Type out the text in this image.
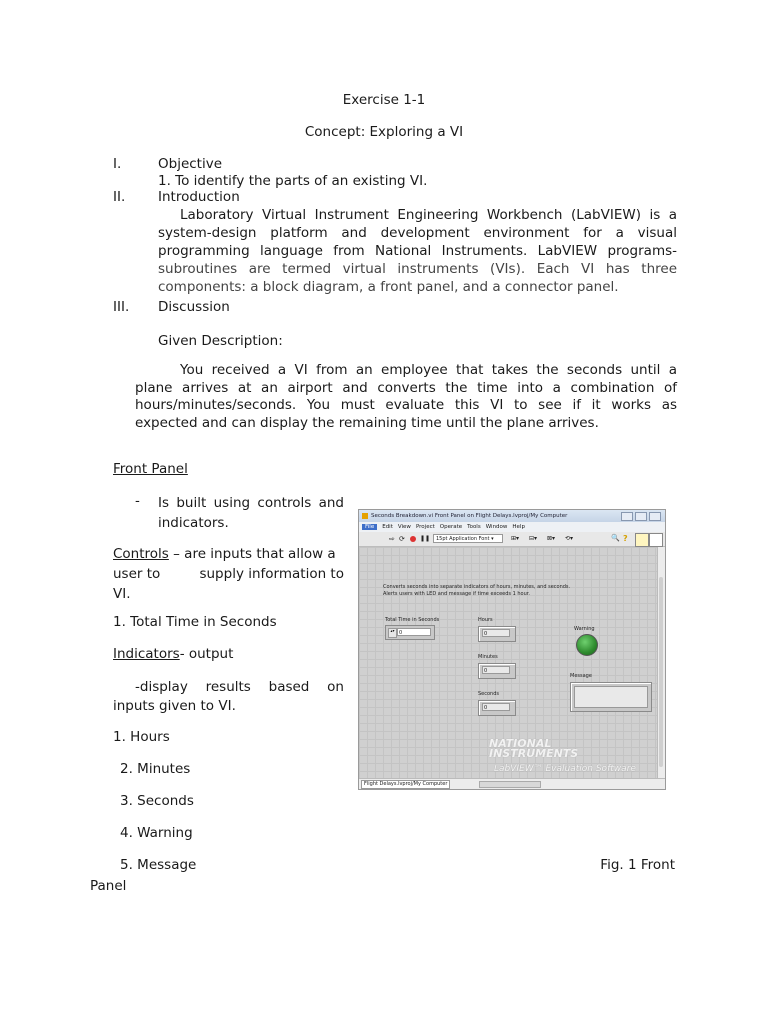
Exercise 1-1

Concept: Exploring a VI

I.	Objective
1. To identify the parts of an existing VI.
II. Introduction
Laboratory Virtual Instrument Engineering Workbench (LabVIEW) is a
system-design platform and development environment for a visual
programming language from National Instruments. LabVIEW programs-
subroutines are termed virtual instruments (VIs). Each VI has three
components: a block diagram, a front panel, and a connector panel.
III. Discussion
Given Description:
You received a VI from an employee that takes the seconds until a
plane arrives at an airport and converts the time into a combination of
hours/minutes/seconds. You must evaluate this VI to see if it works as
expected and can display the remaining time until the plane arrives.
Front Panel
- Is built using controls and
indicators.
Controls – are inputs that allow a
user to	supply information to
VI.
1. Total Time in Seconds
Indicators- output
-display results based on
inputs given to VI.
1. Hours
2. Minutes
3. Seconds
4. Warning
5. Message	Fig. 1 Front
Panel
Seconds Breakdown.vi Front Panel on Flight Delays.lvproj/My Computer
File Edit View Project Operate Tools Window Help
⇨ ⟳	❚❚	15pt Application Font ▾	⊞▾ ⊟▾ ⊠▾ ⟲▾	🔍 ?
Converts seconds into separate indicators of hours, minutes, and seconds.
Alerts users with LED and message if time exceeds 1 hour.
Total Time in Seconds
▴▾ 0
Hours
0
Minutes
0
Seconds
0
Warning
Message
NATIONAL
INSTRUMENTS
LabVIEW™ Evaluation Software
Flight Delays.lvproj/My Computer
